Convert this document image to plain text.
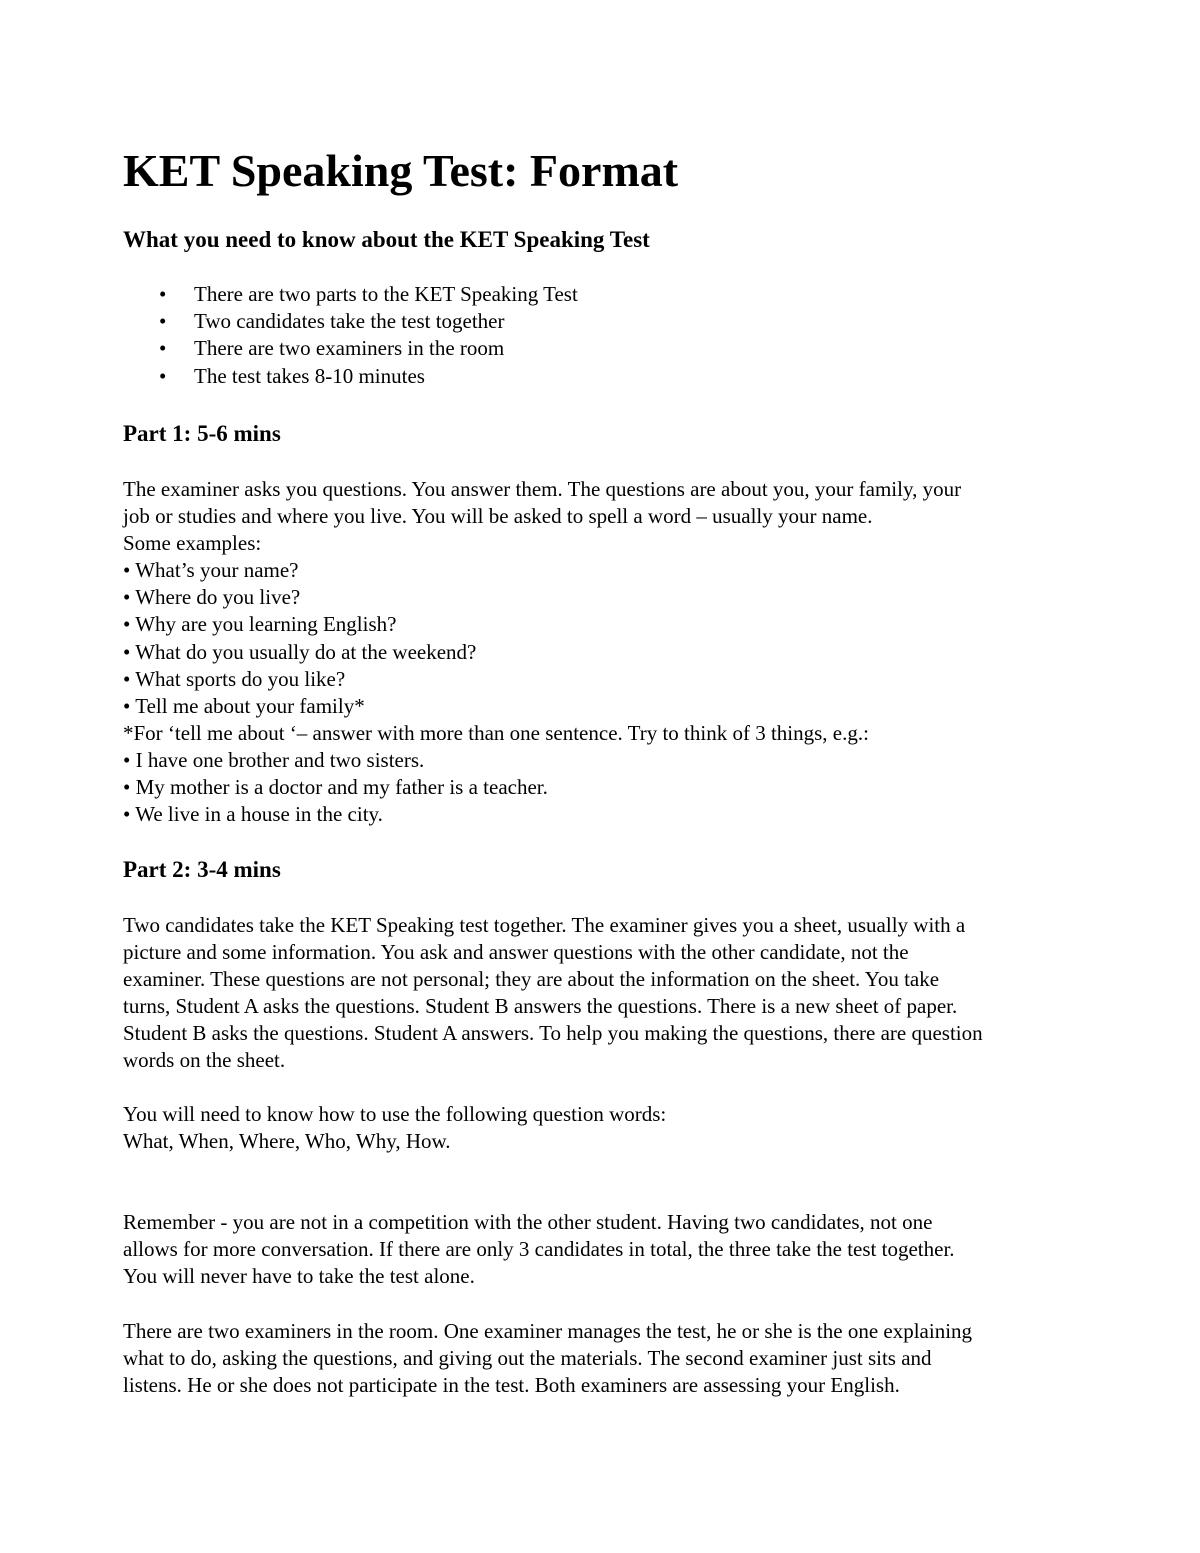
KET Speaking Test: Format
What you need to know about the KET Speaking Test
• There are two parts to the KET Speaking Test
• Two candidates take the test together
• There are two examiners in the room
• The test takes 8-10 minutes
Part 1: 5-6 mins
The examiner asks you questions. You answer them. The questions are about you, your family, your
job or studies and where you live. You will be asked to spell a word – usually your name.
Some examples:
• What’s your name?
• Where do you live?
• Why are you learning English?
• What do you usually do at the weekend?
• What sports do you like?
• Tell me about your family*
*For ‘tell me about ‘– answer with more than one sentence. Try to think of 3 things, e.g.:
• I have one brother and two sisters.
• My mother is a doctor and my father is a teacher.
• We live in a house in the city.
Part 2: 3-4 mins
Two candidates take the KET Speaking test together. The examiner gives you a sheet, usually with a
picture and some information. You ask and answer questions with the other candidate, not the
examiner. These questions are not personal; they are about the information on the sheet. You take
turns, Student A asks the questions. Student B answers the questions. There is a new sheet of paper.
Student B asks the questions. Student A answers. To help you making the questions, there are question
words on the sheet.
You will need to know how to use the following question words:
What, When, Where, Who, Why, How.
Remember - you are not in a competition with the other student. Having two candidates, not one
allows for more conversation. If there are only 3 candidates in total, the three take the test together.
You will never have to take the test alone.
There are two examiners in the room. One examiner manages the test, he or she is the one explaining
what to do, asking the questions, and giving out the materials. The second examiner just sits and
listens. He or she does not participate in the test. Both examiners are assessing your English.
